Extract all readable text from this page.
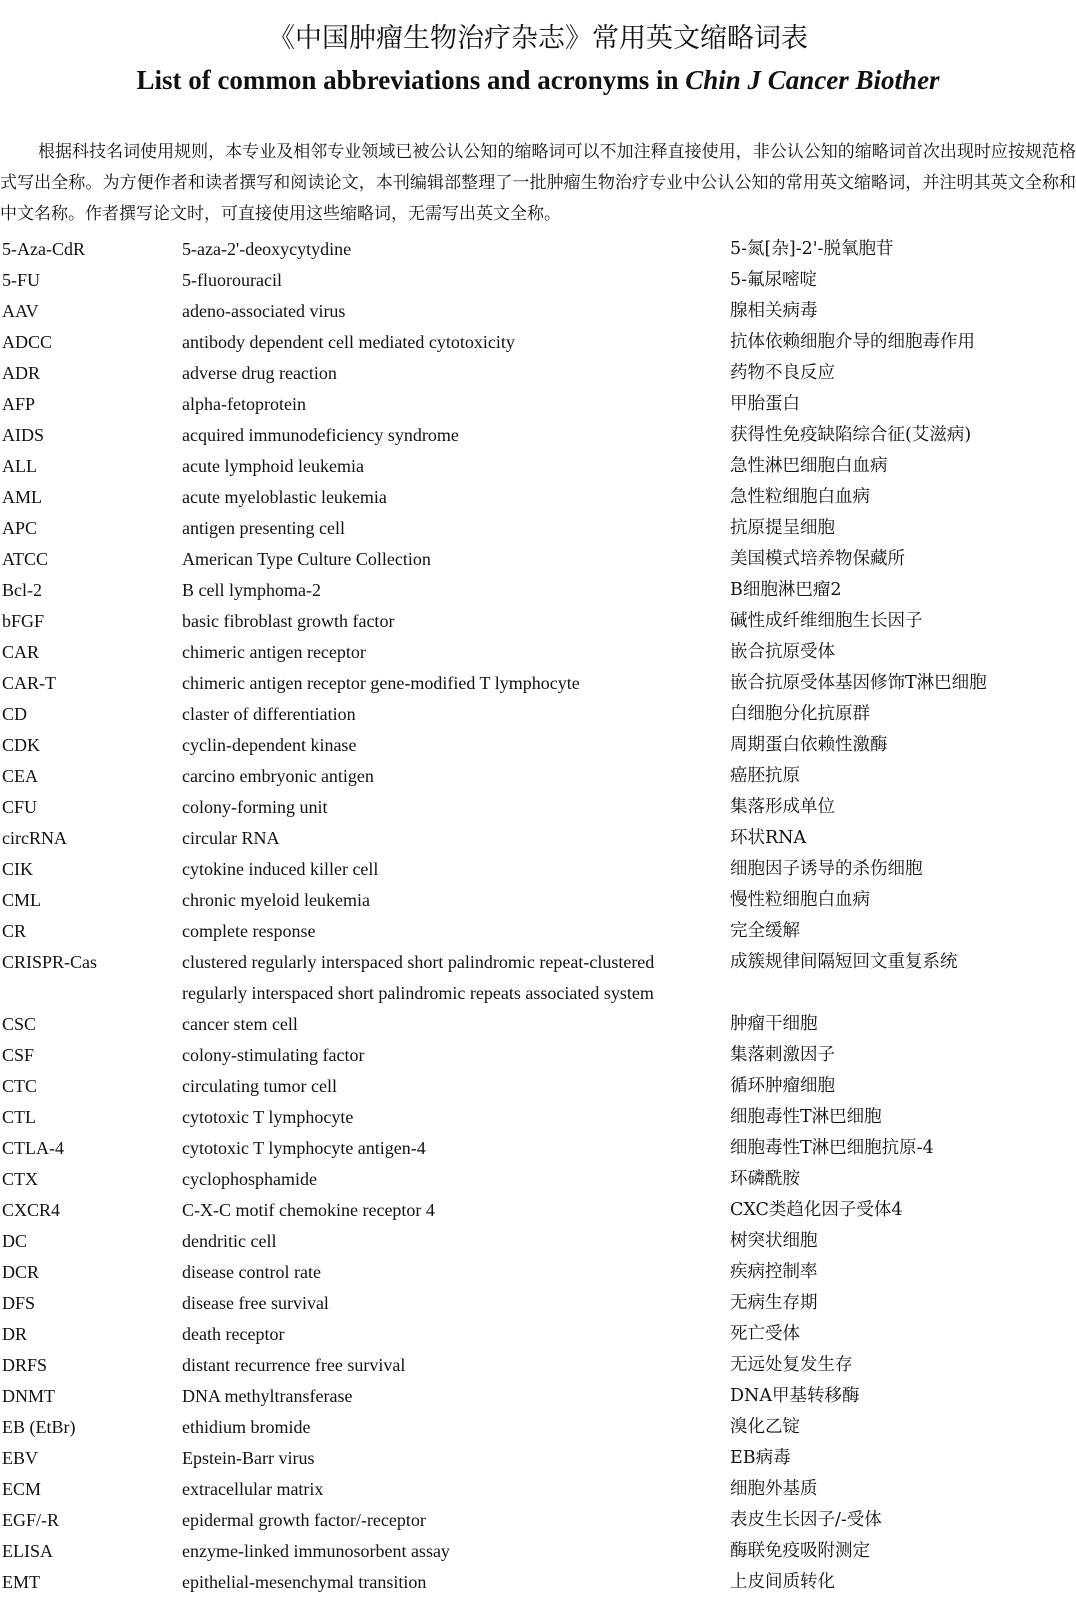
《中国肿瘤生物治疗杂志》常用英文缩略词表
List of common abbreviations and acronyms in Chin J Cancer Biother
根据科技名词使用规则，本专业及相邻专业领域已被公认公知的缩略词可以不加注释直接使用，非公认公知的缩略词首次出现时应按规范格式写出全称。为方便作者和读者撰写和阅读论文，本刊编辑部整理了一批肿瘤生物治疗专业中公认公知的常用英文缩略词，并注明其英文全称和中文名称。作者撰写论文时，可直接使用这些缩略词，无需写出英文全称。
5-Aza-CdR	5-aza-2'-deoxycytydine	5-氮[杂]-2'-脱氧胞苷
5-FU	5-fluorouracil	5-氟尿嘧啶
AAV	adeno-associated virus	腺相关病毒
ADCC	antibody dependent cell mediated cytotoxicity	抗体依赖细胞介导的细胞毒作用
ADR	adverse drug reaction	药物不良反应
AFP	alpha-fetoprotein	甲胎蛋白
AIDS	acquired immunodeficiency syndrome	获得性免疫缺陷综合征(艾滋病)
ALL	acute lymphoid leukemia	急性淋巴细胞白血病
AML	acute myeloblastic leukemia	急性粒细胞白血病
APC	antigen presenting cell	抗原提呈细胞
ATCC	American Type Culture Collection	美国模式培养物保藏所
Bcl-2	B cell lymphoma-2	B细胞淋巴瘤2
bFGF	basic fibroblast growth factor	碱性成纤维细胞生长因子
CAR	chimeric antigen receptor	嵌合抗原受体
CAR-T	chimeric antigen receptor gene-modified T lymphocyte	嵌合抗原受体基因修饰T淋巴细胞
CD	claster of differentiation	白细胞分化抗原群
CDK	cyclin-dependent kinase	周期蛋白依赖性激酶
CEA	carcino embryonic antigen	癌胚抗原
CFU	colony-forming unit	集落形成单位
circRNA	circular RNA	环状RNA
CIK	cytokine induced killer cell	细胞因子诱导的杀伤细胞
CML	chronic myeloid leukemia	慢性粒细胞白血病
CR	complete response	完全缓解
CRISPR-Cas	clustered regularly interspaced short palindromic repeat-clustered	成簇规律间隔短回文重复系统
regularly interspaced short palindromic repeats associated system
CSC	cancer stem cell	肿瘤干细胞
CSF	colony-stimulating factor	集落刺激因子
CTC	circulating tumor cell	循环肿瘤细胞
CTL	cytotoxic T lymphocyte	细胞毒性T淋巴细胞
CTLA-4	cytotoxic T lymphocyte antigen-4	细胞毒性T淋巴细胞抗原-4
CTX	cyclophosphamide	环磷酰胺
CXCR4	C-X-C motif chemokine receptor 4	CXC类趋化因子受体4
DC	dendritic cell	树突状细胞
DCR	disease control rate	疾病控制率
DFS	disease free survival	无病生存期
DR	death receptor	死亡受体
DRFS	distant recurrence free survival	无远处复发生存
DNMT	DNA methyltransferase	DNA甲基转移酶
EB (EtBr)	ethidium bromide	溴化乙锭
EBV	Epstein-Barr virus	EB病毒
ECM	extracellular matrix	细胞外基质
EGF/-R	epidermal growth factor/-receptor	表皮生长因子/-受体
ELISA	enzyme-linked immunosorbent assay	酶联免疫吸附测定
EMT	epithelial-mesenchymal transition	上皮间质转化
